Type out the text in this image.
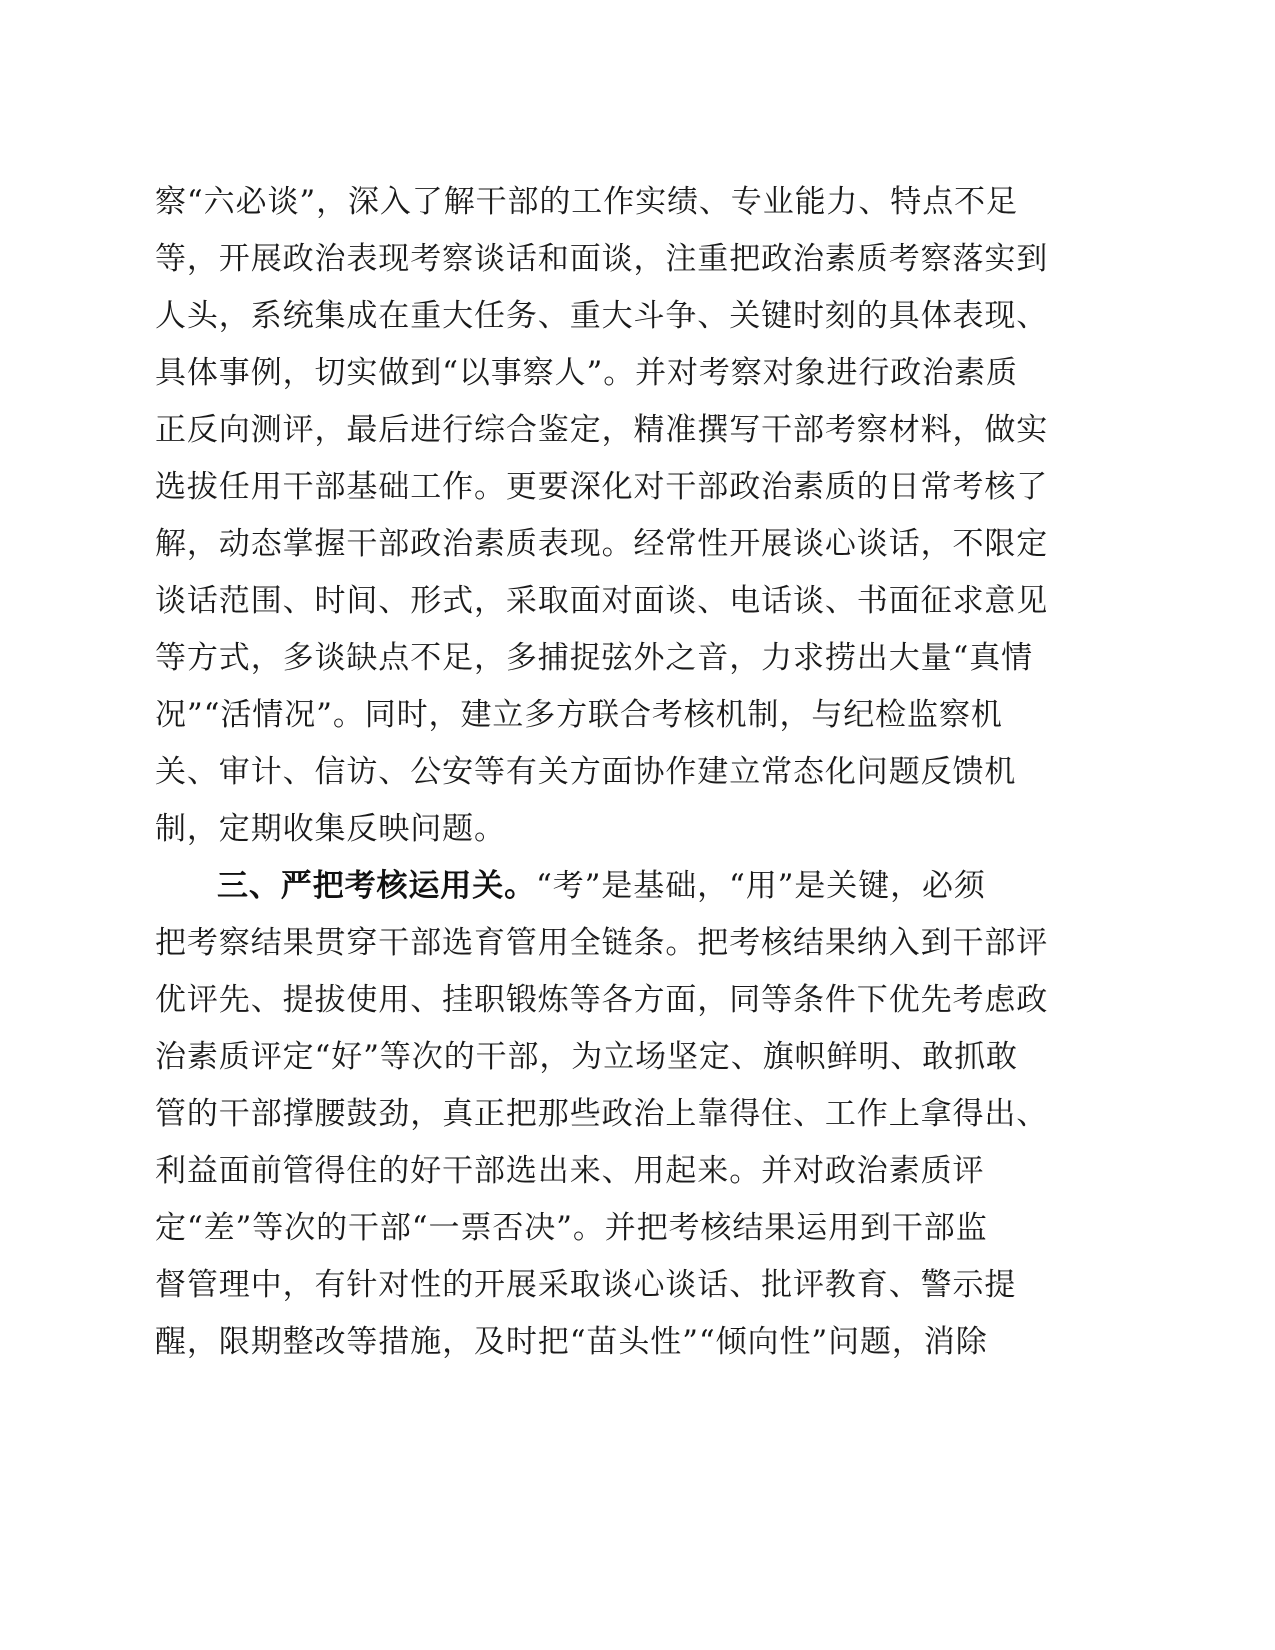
察“六必谈”，深入了解干部的工作实绩、专业能力、特点不足
等，开展政治表现考察谈话和面谈，注重把政治素质考察落实到
人头，系统集成在重大任务、重大斗争、关键时刻的具体表现、
具体事例，切实做到“以事察人”。并对考察对象进行政治素质
正反向测评，最后进行综合鉴定，精准撰写干部考察材料，做实
选拔任用干部基础工作。更要深化对干部政治素质的日常考核了
解，动态掌握干部政治素质表现。经常性开展谈心谈话，不限定
谈话范围、时间、形式，采取面对面谈、电话谈、书面征求意见
等方式，多谈缺点不足，多捕捉弦外之音，力求捞出大量“真情
况”“活情况”。同时，建立多方联合考核机制，与纪检监察机
关、审计、信访、公安等有关方面协作建立常态化问题反馈机
制，定期收集反映问题。
三、严把考核运用关。“考”是基础，“用”是关键，必须
把考察结果贯穿干部选育管用全链条。把考核结果纳入到干部评
优评先、提拔使用、挂职锻炼等各方面，同等条件下优先考虑政
治素质评定“好”等次的干部，为立场坚定、旗帜鲜明、敢抓敢
管的干部撑腰鼓劲，真正把那些政治上靠得住、工作上拿得出、
利益面前管得住的好干部选出来、用起来。并对政治素质评
定“差”等次的干部“一票否决”。并把考核结果运用到干部监
督管理中，有针对性的开展采取谈心谈话、批评教育、警示提
醒，限期整改等措施，及时把“苗头性”“倾向性”问题，消除
